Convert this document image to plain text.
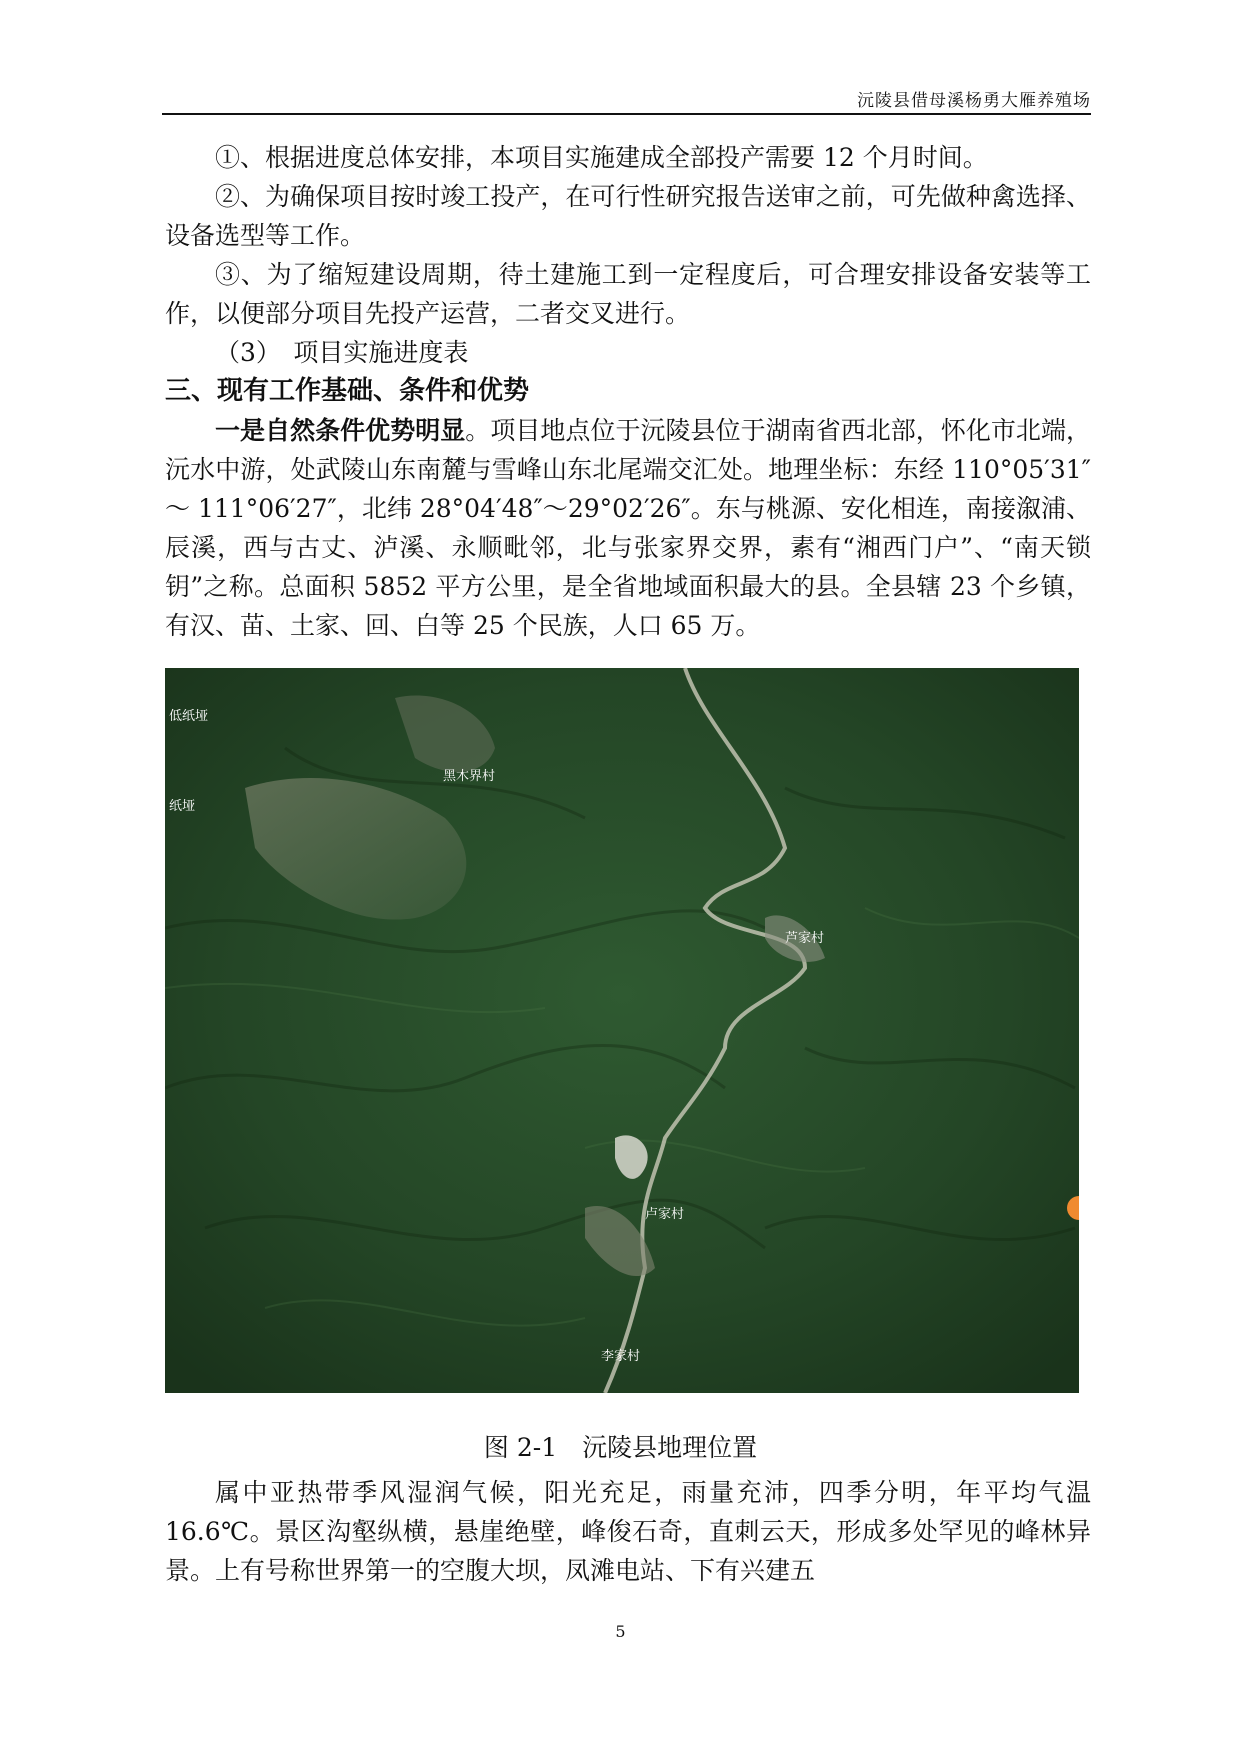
沅陵县借母溪杨勇大雁养殖场

①、根据进度总体安排，本项目实施建成全部投产需要 12 个月时间。

②、为确保项目按时竣工投产，在可行性研究报告送审之前，可先做种禽选择、设备选型等工作。

③、为了缩短建设周期，待土建施工到一定程度后，可合理安排设备安装等工作，以便部分项目先投产运营，二者交叉进行。

（3）　项目实施进度表

三、现有工作基础、条件和优势

一是自然条件优势明显。项目地点位于沅陵县位于湖南省西北部，怀化市北端，沅水中游，处武陵山东南麓与雪峰山东北尾端交汇处。地理坐标：东经 110°05′31″～ 111°06′27″，北纬 28°04′48″～29°02′26″。东与桃源、安化相连，南接溆浦、辰溪，西与古丈、泸溪、永顺毗邻，北与张家界交界，素有“湘西门户”、“南天锁钥”之称。总面积 5852 平方公里，是全省地域面积最大的县。全县辖 23 个乡镇，有汉、苗、土家、回、白等 25 个民族，人口 65 万。

低纸垭
黑木界村
纸垭
芦家村
卢家村
李家村
图 2-1　沅陵县地理位置

属中亚热带季风湿润气候，阳光充足，雨量充沛，四季分明，年平均气温 16.6℃。景区沟壑纵横，悬崖绝壁，峰俊石奇，直刺云天，形成多处罕见的峰林异景。上有号称世界第一的空腹大坝，凤滩电站、下有兴建五

5
